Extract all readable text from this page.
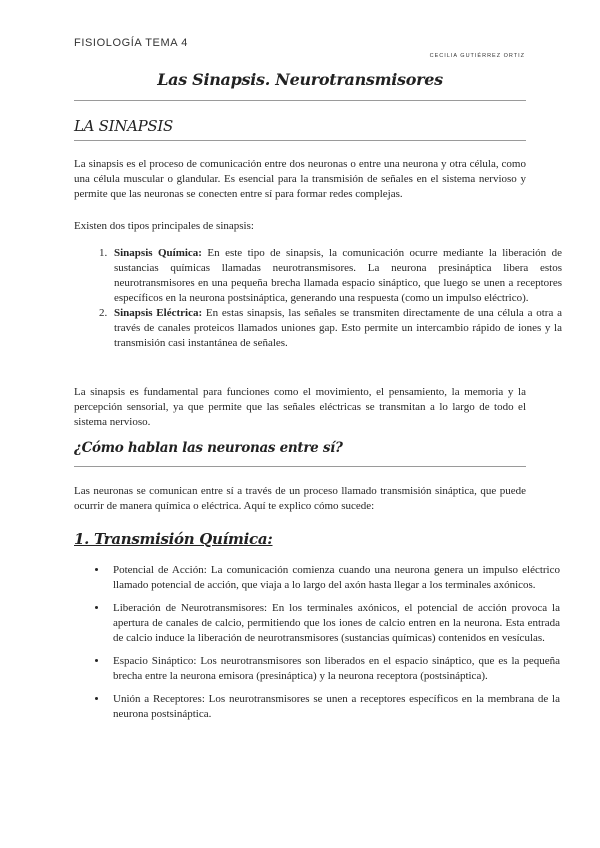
FISIOLOGÍA TEMA 4
CECILIA GUTIÉRREZ ORTIZ
Las Sinapsis. Neurotransmisores
LA SINAPSIS

La sinapsis es el proceso de comunicación entre dos neuronas o entre una neurona y otra célula, como una célula muscular o glandular. Es esencial para la transmisión de señales en el sistema nervioso y permite que las neuronas se conecten entre sí para formar redes complejas.

Existen dos tipos principales de sinapsis:

1. Sinapsis Química: En este tipo de sinapsis, la comunicación ocurre mediante la liberación de sustancias químicas llamadas neurotransmisores. La neurona presináptica libera estos neurotransmisores en una pequeña brecha llamada espacio sináptico, que luego se unen a receptores específicos en la neurona postsináptica, generando una respuesta (como un impulso eléctrico).
2. Sinapsis Eléctrica: En estas sinapsis, las señales se transmiten directamente de una célula a otra a través de canales proteicos llamados uniones gap. Esto permite un intercambio rápido de iones y la transmisión casi instantánea de señales.

La sinapsis es fundamental para funciones como el movimiento, el pensamiento, la memoria y la percepción sensorial, ya que permite que las señales eléctricas se transmitan a lo largo de todo el sistema nervioso.

¿Cómo hablan las neuronas entre sí?

Las neuronas se comunican entre sí a través de un proceso llamado transmisión sináptica, que puede ocurrir de manera química o eléctrica. Aquí te explico cómo sucede:

1. Transmisión Química:
• Potencial de Acción: La comunicación comienza cuando una neurona genera un impulso eléctrico llamado potencial de acción, que viaja a lo largo del axón hasta llegar a los terminales axónicos.
• Liberación de Neurotransmisores: En los terminales axónicos, el potencial de acción provoca la apertura de canales de calcio, permitiendo que los iones de calcio entren en la neurona. Esta entrada de calcio induce la liberación de neurotransmisores (sustancias químicas) contenidos en vesículas.
• Espacio Sináptico: Los neurotransmisores son liberados en el espacio sináptico, que es la pequeña brecha entre la neurona emisora (presináptica) y la neurona receptora (postsináptica).
• Unión a Receptores: Los neurotransmisores se unen a receptores específicos en la membrana de la neurona postsináptica.
